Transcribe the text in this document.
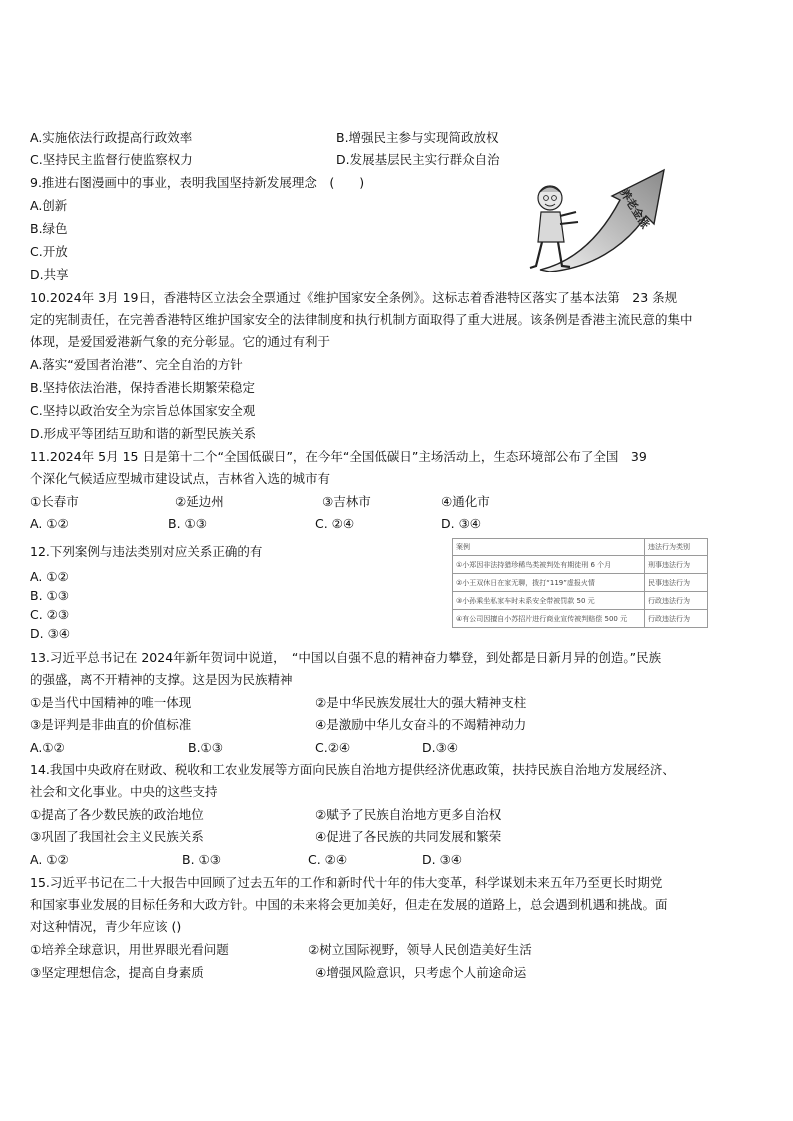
A.实施依法行政提高行政效率	B.增强民主参与实现简政放权
C.坚持民主监督行使监察权力	D.发展基层民主实行群众自治
9.推进右图漫画中的事业，表明我国坚持新发展理念　(　　)
A.创新
B.绿色
C.开放
D.共享
养老金涨
10.2024年 3月 19日，香港特区立法会全票通过《维护国家安全条例》。这标志着香港特区落实了基本法第　23 条规
定的宪制责任，在完善香港特区维护国家安全的法律制度和执行机制方面取得了重大进展。该条例是香港主流民意的集中
体现，是爱国爱港新气象的充分彰显。它的通过有利于
A.落实“爱国者治港”、完全自治的方针
B.坚持依法治港，保持香港长期繁荣稳定
C.坚持以政治安全为宗旨总体国家安全观
D.形成平等团结互助和谐的新型民族关系
11.2024年 5月 15 日是第十二个“全国低碳日”，在今年“全国低碳日”主场活动上，生态环境部公布了全国　39
个深化气候适应型城市建设试点，吉林省入选的城市有
①长春市	②延边州	③吉林市	④通化市
A. ①②	B. ①③	C. ②④	D. ③④
12.下列案例与违法类别对应关系正确的有
A. ①②
B. ①③
C. ②③
D. ③④
案例	违法行为类别
①小郑因非法持猎珍稀鸟类被判处有期徒刑 6 个月	刑事违法行为
②小王双休日在家无聊，拨打“119”虚报火情	民事违法行为
③小孙乘坐私家车时未系安全带被罚款 50 元	行政违法行为
④有公司因擅自小苏招片进行商业宣传被判赔偿 500 元	行政违法行为
13.习近平总书记在 2024年新年贺词中说道，　“中国以自强不息的精神奋力攀登，到处都是日新月异的创造。”民族
的强盛，离不开精神的支撑。这是因为民族精神
①是当代中国精神的唯一体现	②是中华民族发展壮大的强大精神支柱
③是评判是非曲直的价值标准	④是激励中华儿女奋斗的不竭精神动力
A.①②	B.①③	C.②④	D.③④
14.我国中央政府在财政、税收和工农业发展等方面向民族自治地方提供经济优惠政策，扶持民族自治地方发展经济、
社会和文化事业。中央的这些支持
①提高了各少数民族的政治地位	②赋予了民族自治地方更多自治权
③巩固了我国社会主义民族关系	④促进了各民族的共同发展和繁荣
A. ①②	B. ①③	C. ②④	D. ③④
15.习近平书记在二十大报告中回顾了过去五年的工作和新时代十年的伟大变革，科学谋划未来五年乃至更长时期党
和国家事业发展的目标任务和大政方针。中国的未来将会更加美好，但走在发展的道路上，总会遇到机遇和挑战。面
对这种情况，青少年应该 ()
①培养全球意识，用世界眼光看问题	②树立国际视野，领导人民创造美好生活
③坚定理想信念，提高自身素质	④增强风险意识，只考虑个人前途命运
